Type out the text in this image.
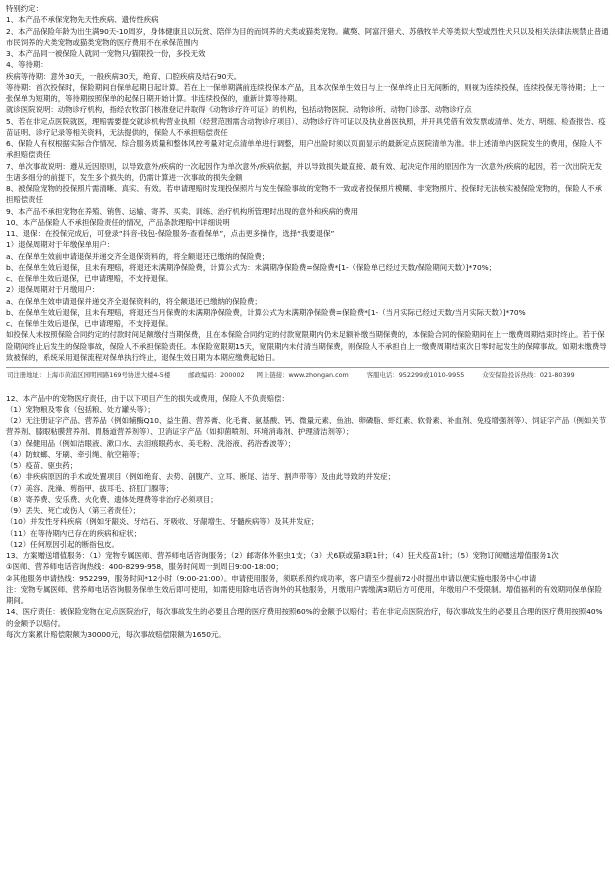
特别约定：
1、本产品不承保宠物先天性疾病、遗传性疾病
2、本产品保险年龄为出生满90天-10周岁，身体健康且以玩赏、陪伴为目的而饲养的犬类或猫类宠物。藏獒、阿富汗猎犬、苏俄牧羊犬等类似大型或烈性犬只以及相关法律法规禁止普通市民饲养的犬类宠物或猫类宠物的医疗费用不在承保范围内
3、本产品同一被保险人就同一宠物只/猫限投一份，多投无效
4、等待期：
疾病等待期：意外30天，一般疾病30天，绝育、口腔疾病及结石90天。
等待期：首次投保时，保险期间自保单起期日起计算。若在上一保单期满前连续投保本产品，且本次保单生效日与上一保单终止日无间断的，则视为连续投保，连续投保无等待期；上一张保单为短期的，等待期按照保单的起保日期开始计算。非连续投保的，重新计算等待期。
就诊医院说明：动物诊疗机构，指经农牧部门核准登记并取得《动物诊疗许可证》的机构，包括动物医院、动物诊所、动物门诊部、动物诊疗点
5、若在非定点医院就医，理赔需要提交就诊机构营业执照（经营范围需含动物诊疗项目）、动物诊疗许可证以及执业兽医执照，并开具凭借有效发票或清单、处方、明细、检查报告、疫苗证明、诊疗记录等相关资料，无法提供的，保险人不承担赔偿责任
6、保险人有权根据实际合作情况、综合服务质量和整体风控考量对定点清单单进行调整，用户出险时须以页面显示的最新定点医院清单为准。非上述清单内医院发生的费用，保险人不承担赔偿责任
7、单次事故说明：遵从近因原则，以导致意外/疾病的一次起因作为单次意外/疾病依据，并以导致损失最直接、最有效、起决定作用的原因作为一次意外/疾病的起因，若一次出院无发生诸多细分的前提下，发生多个损失的，仍需计算进一次事故的损失金额
8、被保险宠物的投保照片需清晰、真实、有效。若申请理赔时发现投保照片与发生保险事故的宠物不一致或者投保照片模糊、非宠物照片、投保时无法核实被保险宠物的，保险人不承担赔偿责任
9、本产品不承担宠物在养殖、销售、运输、寄养、买卖、训练、治疗机构所管理时出现的意外和疾病的费用
10、本产品保险人不承担保险责任的情况，产品条款理赔中详细说明
11、退保：在投保完成后，可登录“抖音-钱包-保险服务-查看保单”，点击更多操作，选择“我要退保”
1）退保周期对于年缴保单用户：
a、在保单生效前申请退保并递交齐全退保资料的，将全额退还已缴纳的保险费；
b、在保单生效后退保，且未有理赔，将退还未满期净保险费，计算公式为：未满期净保险费=保险费*[1-（保险单已经过天数/保险期间天数）]*70%；
c、在保单生效后退保，已申请理赔，不支持退保。
2）退保周期对于月缴用户：
a、在保单生效申请退保并递交齐全退保资料的，将全额退还已缴纳的保险费；
b、在保单生效后退保，且未有理赔，将退还当月保费的未满期净保险费，计算公式为未满期净保险费=保险费*[1-（当月实际已经过天数/当月实际天数）]*70%
c、在保单生效后退保，已申请理赔，不支持退保。
如投保人未按照保险合同约定的付款时间足额缴付当期保费，且在本保险合同约定的付款宽限期内仍未足额补缴当期保费的，本保险合同的保险期间在上一缴费周期结束时终止。若于保险期间终止后发生的保险事故，保险人不承担保险责任。本保险宽限期15天，宽限期内未付清当期保费，则保险人不承担自上一缴费周期结束次日零时起发生的保障事故。如期未缴费导致被保的，系统采用退保流程对保单执行终止，退保生效日期为本期应缴费起始日。
司注册地址：上海市黄浦区园明园路169号协进大楼4-5楼	邮政编码：200002 网上链接：www.zhongan.com	客服电话：952299或1010-9955	众安保险投诉热线：021-80399
12、本产品中的宠物医疗责任，由于以下项目产生的损失或费用，保险人不负责赔偿：
（1）宠物粮及零食（包括粮、处方罐头等）；
（2）无注册证字产品、营养品（例如辅酶Q10、益生菌、营养膏、化毛膏、氨基酸、钙、微量元素、鱼油、卵磷脂、虾红素、软骨素、补血剂、免疫增强剂等）、饲证字产品（例如关节营养剂、膝眼粘膜营养剂、胃肠道营养剂等）、卫消证字产品（如抑菌喷剂、环境消毒剂、护理清洁剂等）；
（3）保健用品（例如洁眼液、漱口水、去泪痕眼药水、美毛粉、洗浴液、药浴香波等）；
（4）防蚊螂、牙刷、牵引绳、航空箱等；
（5）疫苗、驱虫药；
（6）非疾病原因的手术或处置项目（例如绝育、去势、剖腹产、立耳、断尾、洁牙、割声带等）及由此导致的并发症；
（7）美容、洗澡、剪指甲、拔耳毛、挤肛门腺等；
（8）寄养费、安乐费、火化费、遗体处理费等非治疗必须项目；
（9）丢失、死亡或伤人（第三者责任）；
（10）并发性牙科疾病（例如牙龈炎、牙结石、牙吸收、牙龈增生、牙髓疾病等）及其并发症；
（11）在等待期内已存在的疾病和症状；
（12）任何原因引起的断指包皮。
13、方案赠送增值服务：（1）宠物专属医师、营养师电话咨询服务；（2）邮寄体外驱虫1支；（3）犬6联或猫3联1针；（4）狂犬疫苗1针；（5）宠物订阅赠送增值服务1次
①医师、营养师电话咨询热线：400-8299-958，服务时间周一到周日9:00-18:00；
②其他服务申请热线：952299，服务时间*12小时（9:00-21:00）。申请使用服务，须联系预约成功率，客户请至少提前72小时提出申请以便实施电服务中心申请
注：宠物专属医师、营养师电话咨询服务保单生效后即可使用，如需使用除电话咨询外的其他服务，月缴用户需缴满3期后方可使用，年缴用户不受限制。增值福利的有效期同保单保险期间。
14、医疗责任：被保险宠物在定点医院治疗，每次事故发生的必要且合理的医疗费用按照60%的金额予以赔付；若在非定点医院治疗，每次事故发生的必要且合理的医疗费用按照40%的金额予以赔付。
每次方案累计赔偿限额为30000元，每次事故赔偿限额为1650元。
